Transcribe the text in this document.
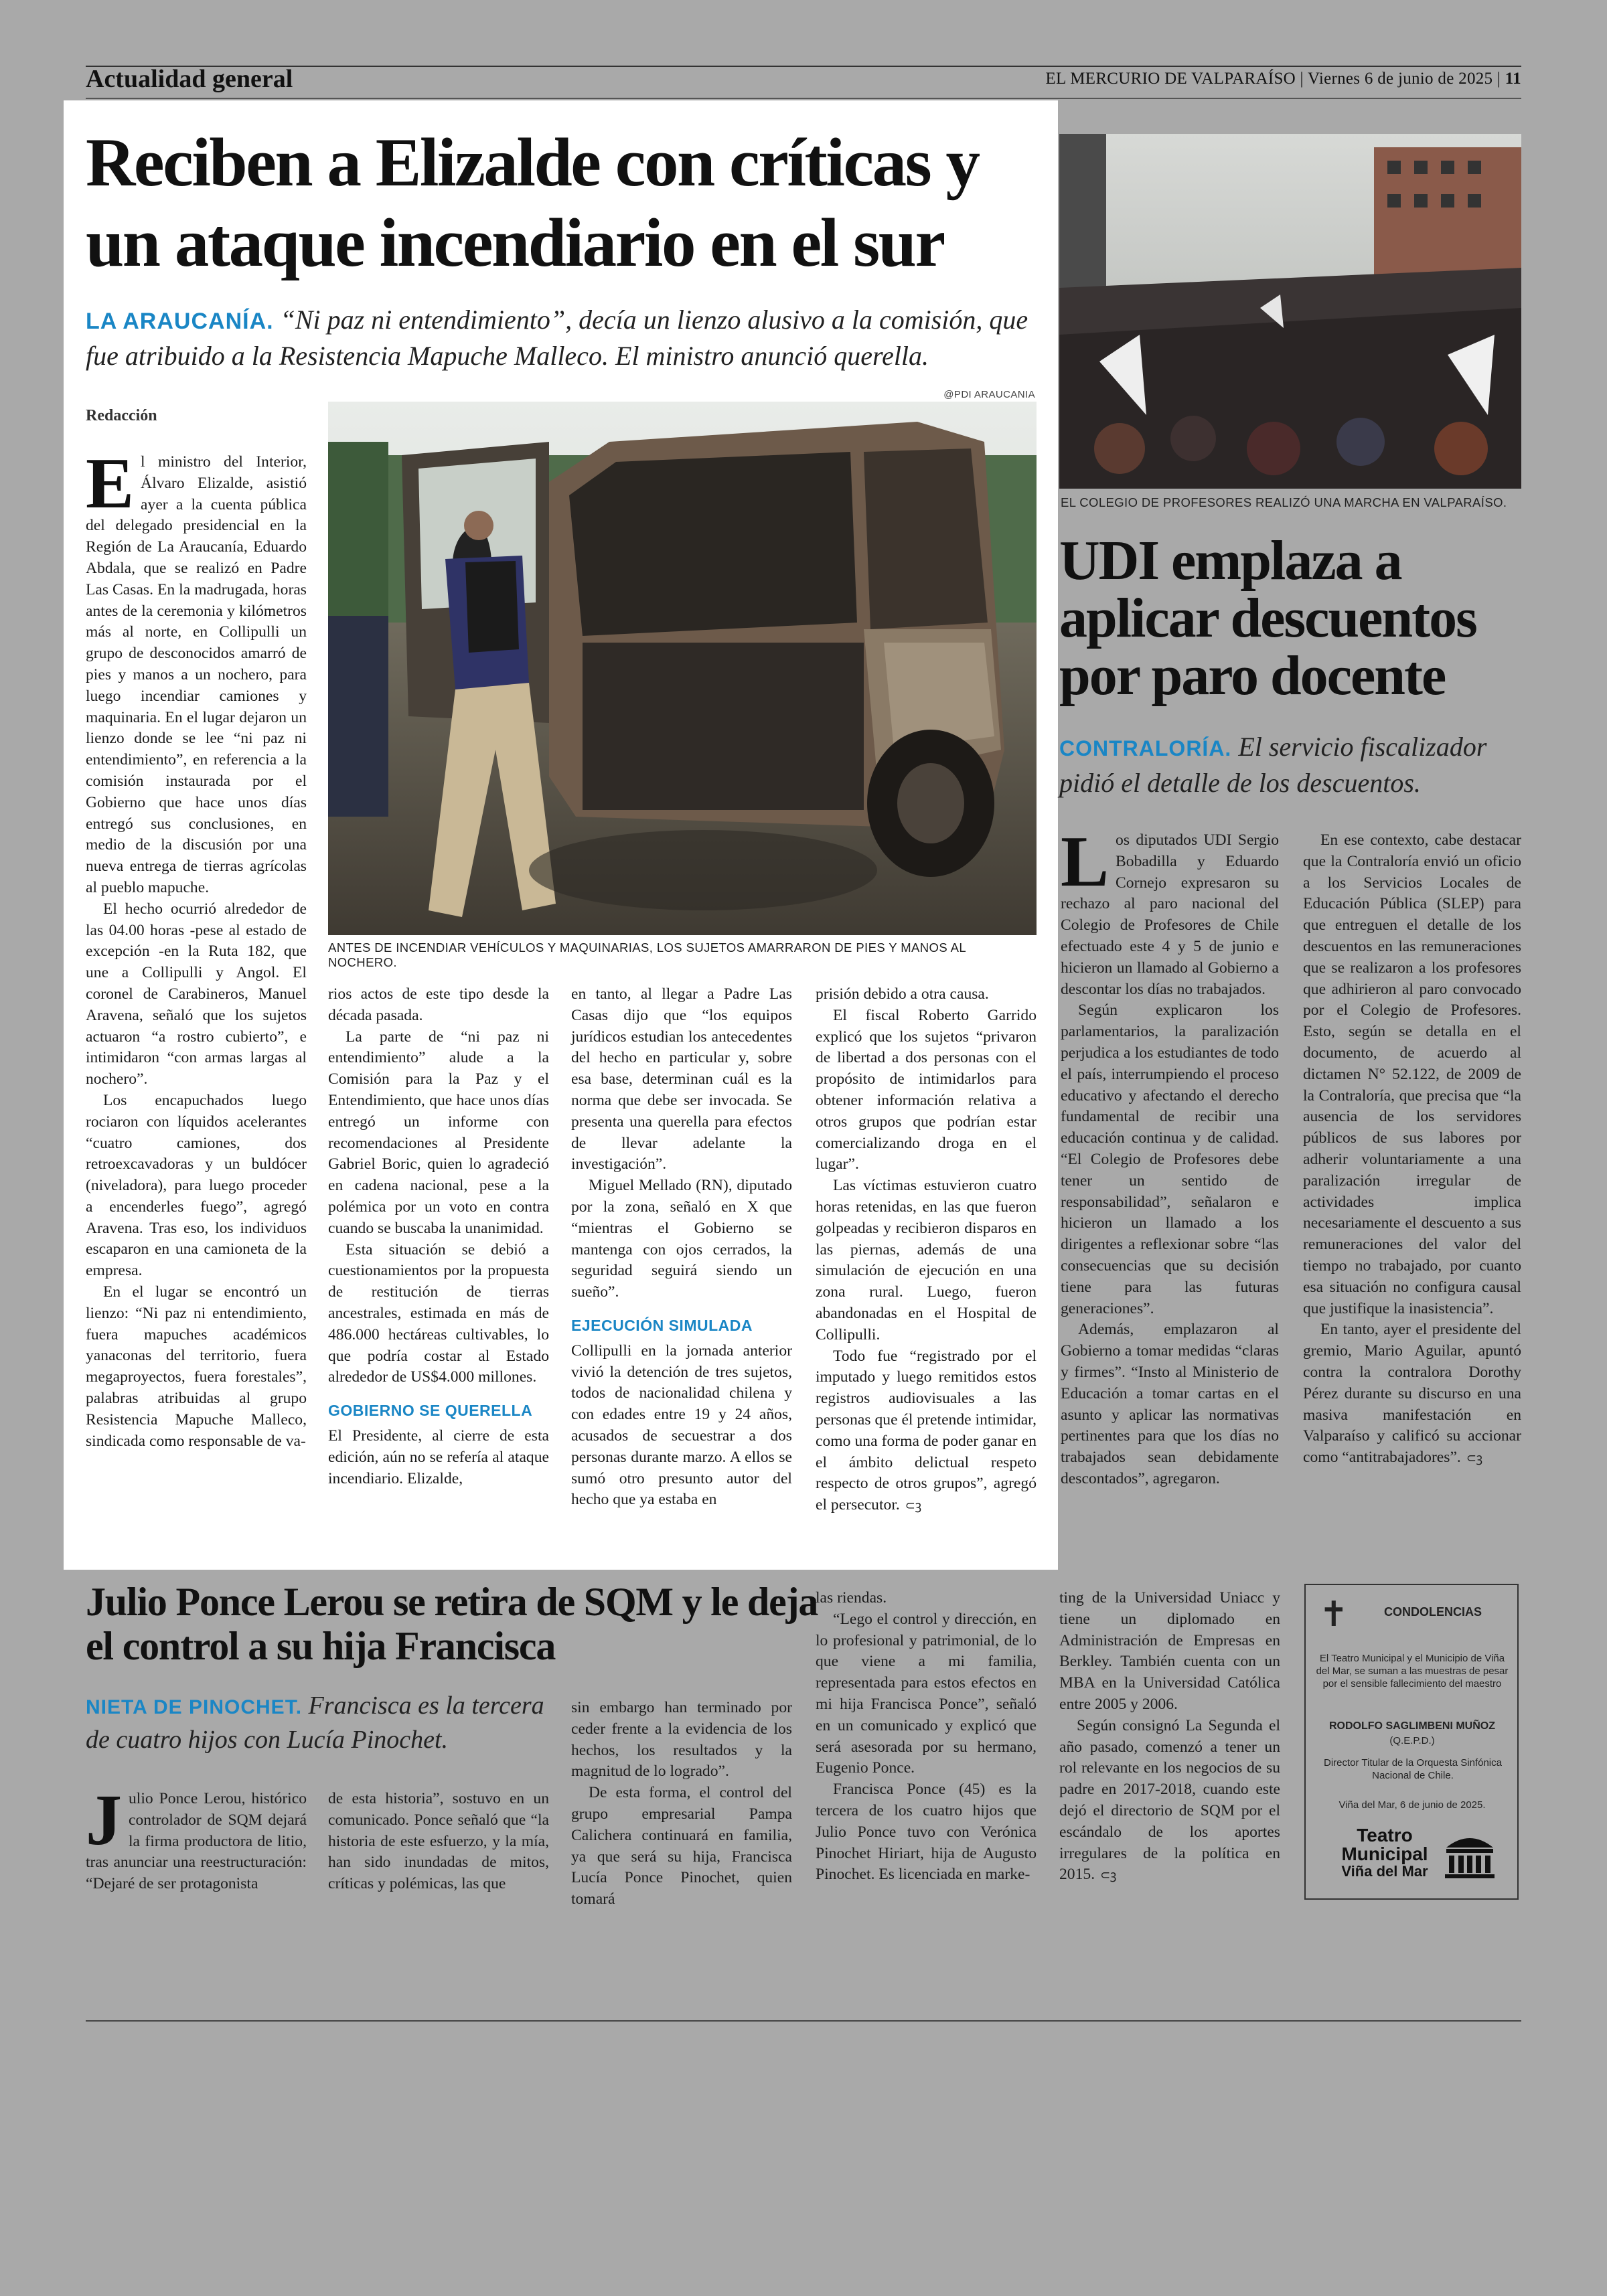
Actualidad general	EL MERCURIO DE VALPARAÍSO | Viernes 6 de junio de 2025 | 11
Reciben a Elizalde con críticas y un ataque incendiario en el sur
LA ARAUCANÍA. “Ni paz ni entendimiento”, decía un lienzo alusivo a la comisión, que fue atribuido a la Resistencia Mapuche Malleco. El ministro anunció querella.
Redacción
@PDI ARAUCANIA
ANTES DE INCENDIAR VEHÍCULOS Y MAQUINARIAS, LOS SUJETOS AMARRARON DE PIES Y MANOS AL NOCHERO.

El ministro del Interior, Álvaro Elizalde, asistió ayer a la cuenta pública del delegado presidencial en la Región de La Araucanía, Eduardo Abdala, que se realizó en Padre Las Casas. En la madrugada, horas antes de la ceremonia y kilómetros más al norte, en Collipulli un grupo de desconocidos amarró de pies y manos a un nochero, para luego incendiar camiones y maquinaria. En el lugar dejaron un lienzo donde se lee “ni paz ni entendimiento”, en referencia a la comisión instaurada por el Gobierno que hace unos días entregó sus conclusiones, en medio de la discusión por una nueva entrega de tierras agrícolas al pueblo mapuche.

El hecho ocurrió alrededor de las 04.00 horas -pese al estado de excepción -en la Ruta 182, que une a Collipulli y Angol. El coronel de Carabineros, Manuel Aravena, señaló que los sujetos actuaron “a rostro cubierto”, e intimidaron “con armas largas al nochero”.

Los encapuchados luego rociaron con líquidos acelerantes “cuatro camiones, dos retroexcavadoras y un buldócer (niveladora), para luego proceder a encenderles fuego”, agregó Aravena. Tras eso, los individuos escaparon en una camioneta de la empresa.

En el lugar se encontró un lienzo: “Ni paz ni entendimiento, fuera mapuches académicos yanaconas del territorio, fuera megaproyectos, fuera forestales”, palabras atribuidas al grupo Resistencia Mapuche Malleco, sindicada como responsable de va-

rios actos de este tipo desde la década pasada.

La parte de “ni paz ni entendimiento” alude a la Comisión para la Paz y el Entendimiento, que hace unos días entregó un informe con recomendaciones al Presidente Gabriel Boric, quien lo agradeció en cadena nacional, pese a la polémica por un voto en contra cuando se buscaba la unanimidad.

Esta situación se debió a cuestionamientos por la propuesta de restitución de tierras ancestrales, estimada en más de 486.000 hectáreas cultivables, lo que podría costar al Estado alrededor de US$4.000 millones.

GOBIERNO SE QUERELLA

El Presidente, al cierre de esta edición, aún no se refería al ataque incendiario. Elizalde,

en tanto, al llegar a Padre Las Casas dijo que “los equipos jurídicos estudian los antecedentes del hecho en particular y, sobre esa base, determinan cuál es la norma que debe ser invocada. Se presenta una querella para efectos de llevar adelante la investigación”.

Miguel Mellado (RN), diputado por la zona, señaló en X que “mientras el Gobierno se mantenga con ojos cerrados, la seguridad seguirá siendo un sueño”.

EJECUCIÓN SIMULADA

Collipulli en la jornada anterior vivió la detención de tres sujetos, todos de nacionalidad chilena y con edades entre 19 y 24 años, acusados de secuestrar a dos personas durante marzo. A ellos se sumó otro presunto autor del hecho que ya estaba en

prisión debido a otra causa.

El fiscal Roberto Garrido explicó que los sujetos “privaron de libertad a dos personas con el propósito de intimidarlos para obtener información relativa a otros grupos que podrían estar comercializando droga en el lugar”.

Las víctimas estuvieron cuatro horas retenidas, en las que fueron golpeadas y recibieron disparos en las piernas, además de una simulación de ejecución en una zona rural. Luego, fueron abandonadas en el Hospital de Collipulli.

Todo fue “registrado por el imputado y luego remitidos estos registros audiovisuales a las personas que él pretende intimidar, como una forma de poder ganar en el ámbito delictual respeto respecto de otros grupos”, agregó el persecutor. ⊂ꝫ

EL COLEGIO DE PROFESORES REALIZÓ UNA MARCHA EN VALPARAÍSO.
UDI emplaza a aplicar descuentos por paro docente
CONTRALORÍA. El servicio fiscalizador pidió el detalle de los descuentos.

Los diputados UDI Sergio Bobadilla y Eduardo Cornejo expresaron su rechazo al paro nacional del Colegio de Profesores de Chile efectuado este 4 y 5 de junio e hicieron un llamado al Gobierno a descontar los días no trabajados.

Según explicaron los parlamentarios, la paralización perjudica a los estudiantes de todo el país, interrumpiendo el proceso educativo y afectando el derecho fundamental de recibir una educación continua y de calidad. “El Colegio de Profesores debe tener un sentido de responsabilidad”, señalaron e hicieron un llamado a los dirigentes a reflexionar sobre “las consecuencias que su decisión tiene para las futuras generaciones”.

Además, emplazaron al Gobierno a tomar medidas “claras y firmes”. “Insto al Ministerio de Educación a tomar cartas en el asunto y aplicar las normativas pertinentes para que los días no trabajados sean debidamente descontados”, agregaron.

En ese contexto, cabe destacar que la Contraloría envió un oficio a los Servicios Locales de Educación Pública (SLEP) para que entreguen el detalle de los descuentos en las remuneraciones que se realizaron a los profesores que adhirieron al paro convocado por el Colegio de Profesores. Esto, según se detalla en el documento, de acuerdo al dictamen N° 52.122, de 2009 de la Contraloría, que precisa que “la ausencia de los servidores públicos de sus labores por adherir voluntariamente a una paralización irregular de actividades implica necesariamente el descuento a sus remuneraciones del valor del tiempo no trabajado, por cuanto esa situación no configura causal que justifique la inasistencia”.

En tanto, ayer el presidente del gremio, Mario Aguilar, apuntó contra la contralora Dorothy Pérez durante su discurso en una masiva manifestación en Valparaíso y calificó su accionar como “antitrabajadores”. ⊂ꝫ

Julio Ponce Lerou se retira de SQM y le deja el control a su hija Francisca
NIETA DE PINOCHET. Francisca es la tercera de cuatro hijos con Lucía Pinochet.

Julio Ponce Lerou, histórico controlador de SQM dejará la firma productora de litio, tras anunciar una reestructuración: “Dejaré de ser protagonista

de esta historia”, sostuvo en un comunicado. Ponce señaló que “la historia de este esfuerzo, y la mía, han sido inundadas de mitos, críticas y polémicas, las que

sin embargo han terminado por ceder frente a la evidencia de los hechos, los resultados y la magnitud de lo logrado”.

De esta forma, el control del grupo empresarial Pampa Calichera continuará en familia, ya que será su hija, Francisca Lucía Ponce Pinochet, quien tomará

las riendas.

“Lego el control y dirección, en lo profesional y patrimonial, de lo que viene a mi familia, representada para estos efectos en mi hija Francisca Ponce”, señaló en un comunicado y explicó que será asesorada por su hermano, Eugenio Ponce.

Francisca Ponce (45) es la tercera de los cuatro hijos que Julio Ponce tuvo con Verónica Pinochet Hiriart, hija de Augusto Pinochet. Es licenciada en marke-

ting de la Universidad Uniacc y tiene un diplomado en Administración de Empresas en Berkley. También cuenta con un MBA en la Universidad Católica entre 2005 y 2006.

Según consignó La Segunda el año pasado, comenzó a tener un rol relevante en los negocios de su padre en 2017-2018, cuando este dejó el directorio de SQM por el escándalo de los aportes irregulares de la política en 2015. ⊂ꝫ

✝	CONDOLENCIAS
El Teatro Municipal y el Municipio de Viña del Mar, se suman a las muestras de pesar por el sensible fallecimiento del maestro
RODOLFO SAGLIMBENI MUÑOZ
(Q.E.P.D.)
Director Titular de la Orquesta Sinfónica Nacional de Chile.
Viña del Mar, 6 de junio de 2025.
Teatro
Municipal
Viña del Mar
